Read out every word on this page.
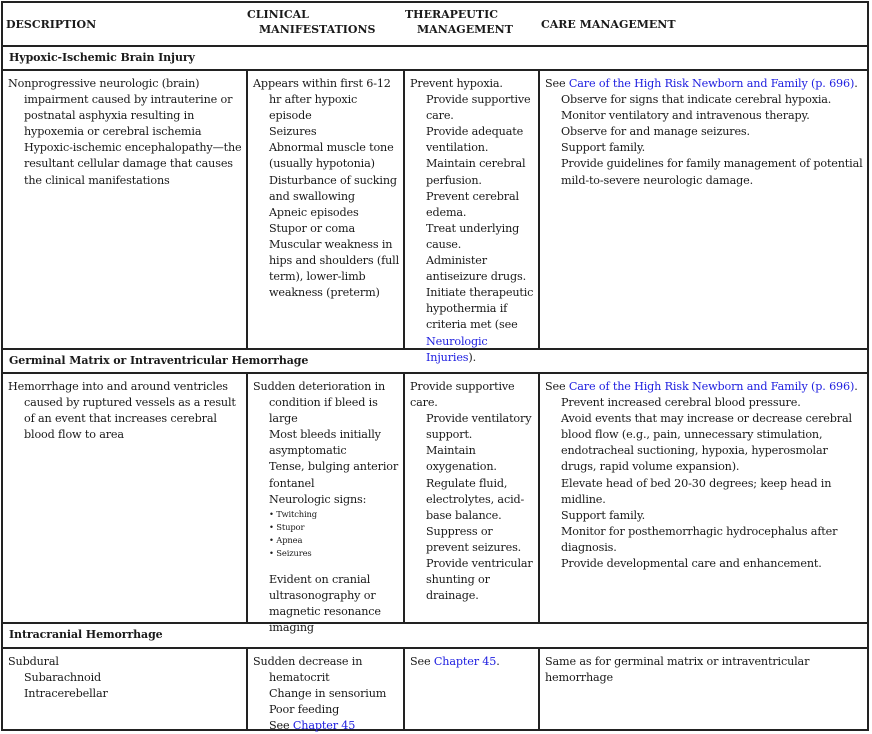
DESCRIPTION
CLINICAL
MANIFESTATIONS
THERAPEUTIC
MANAGEMENT	CARE MANAGEMENT
Hypoxic-Ischemic Brain Injury
Nonprogressive neurologic (brain) impairment caused by intrauterine or postnatal asphyxia resulting in hypoxemia or cerebral ischemia
Hypoxic-ischemic encephalopathy—the resultant cellular damage that causes the clinical manifestations
Appears within first 6-12 hr after hypoxic episode
Seizures
Abnormal muscle tone (usually hypotonia)
Disturbance of sucking and swallowing
Apneic episodes
Stupor or coma
Muscular weakness in hips and shoulders (full term), lower-limb weakness (preterm)
Prevent hypoxia.
Provide supportive care.
Provide adequate ventilation.
Maintain cerebral perfusion.
Prevent cerebral edema.
Treat underlying cause.
Administer antiseizure drugs.
Initiate therapeutic hypothermia if criteria met (see Neurologic Injuries).
See Care of the High Risk Newborn and Family (p. 696).
Observe for signs that indicate cerebral hypoxia.
Monitor ventilatory and intravenous therapy.
Observe for and manage seizures.
Support family.
Provide guidelines for family management of potential mild-to-severe neurologic damage.
Germinal Matrix or Intraventricular Hemorrhage
Hemorrhage into and around ventricles caused by ruptured vessels as a result of an event that increases cerebral blood flow to area
Sudden deterioration in condition if bleed is large
Most bleeds initially asymptomatic
Tense, bulging anterior fontanel
Neurologic signs:
• Twitching
• Stupor
• Apnea
• Seizures
Evident on cranial ultrasonography or magnetic resonance imaging
Provide supportive care.
Provide ventilatory support.
Maintain oxygenation.
Regulate fluid, electrolytes, acid-base balance.
Suppress or prevent seizures.
Provide ventricular shunting or drainage.
See Care of the High Risk Newborn and Family (p. 696).
Prevent increased cerebral blood pressure.
Avoid events that may increase or decrease cerebral blood flow (e.g., pain, unnecessary stimulation, endotracheal suctioning, hypoxia, hyperosmolar drugs, rapid volume expansion).
Elevate head of bed 20-30 degrees; keep head in midline.
Support family.
Monitor for posthemorrhagic hydrocephalus after diagnosis.
Provide developmental care and enhancement.
Intracranial Hemorrhage
Subdural
Subarachnoid
Intracerebellar
Sudden decrease in hematocrit
Change in sensorium
Poor feeding
See Chapter 45
See Chapter 45.	Same as for germinal matrix or intraventricular hemorrhage
